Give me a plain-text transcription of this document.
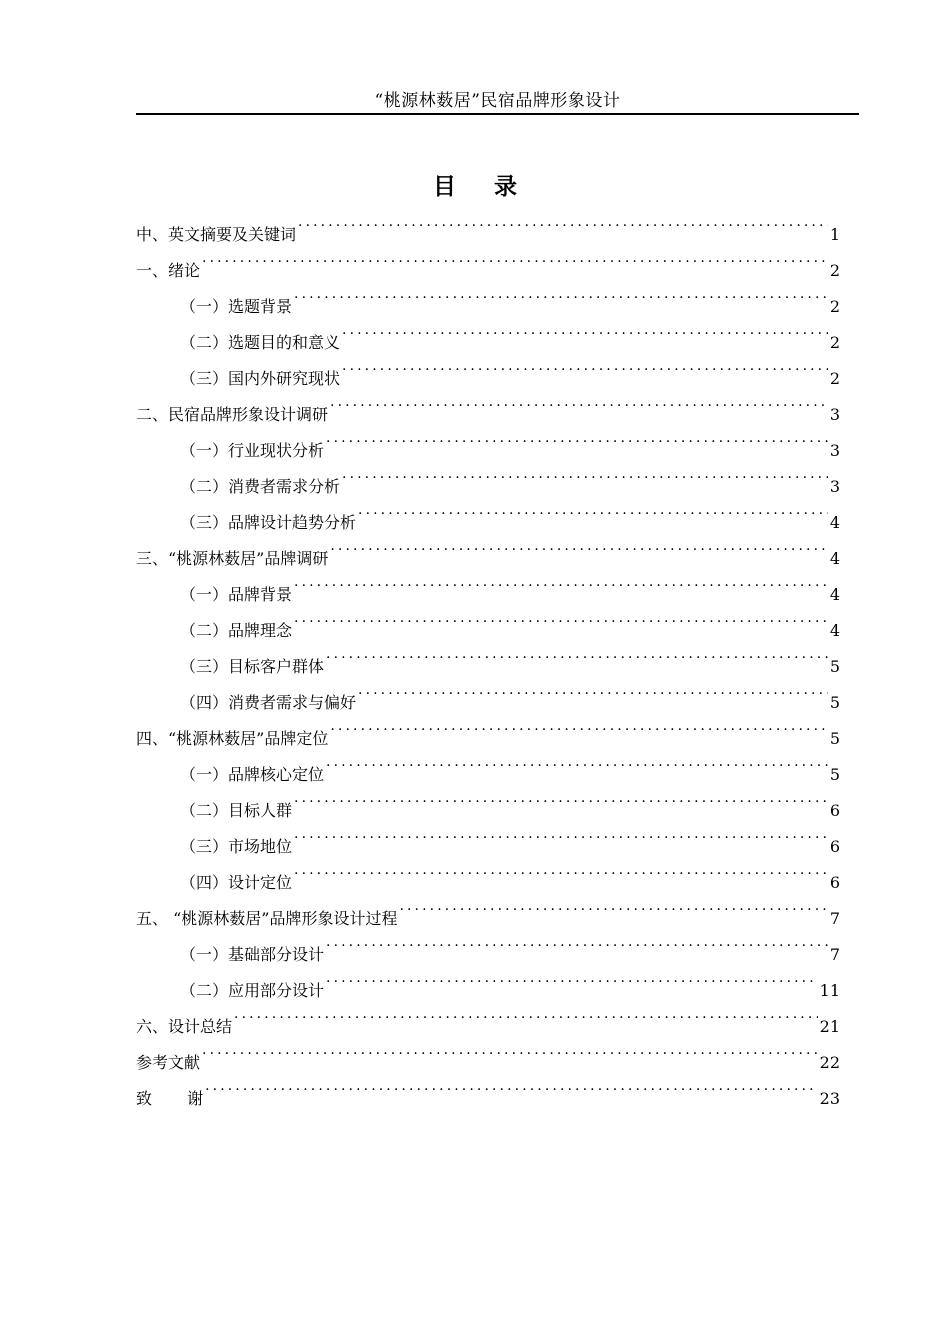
“桃源林薮居”民宿品牌形象设计
目录
中、英文摘要及关键词 .....	1
一、绪论 .....	2
（一）选题背景 .....	2
（二）选题目的和意义 .....	2
（三）国内外研究现状 .....	2
二、民宿品牌形象设计调研 .....	3
（一）行业现状分析 .....	3
（二）消费者需求分析 .....	3
（三）品牌设计趋势分析 .....	4
三、“桃源林薮居”品牌调研 .....	4
（一）品牌背景 .....	4
（二）品牌理念 .....	4
（三）目标客户群体 .....	5
（四）消费者需求与偏好 .....	5
四、“桃源林薮居”品牌定位 .....	5
（一）品牌核心定位 .....	5
（二）目标人群 .....	6
（三）市场地位 .....	6
（四）设计定位 .....	6
五、 “桃源林薮居”品牌形象设计过程 .....	7
（一）基础部分设计 .....	7
（二）应用部分设计 .....	11
六、设计总结 .....	21
参考文献 .....	22
致 谢 .....	23
